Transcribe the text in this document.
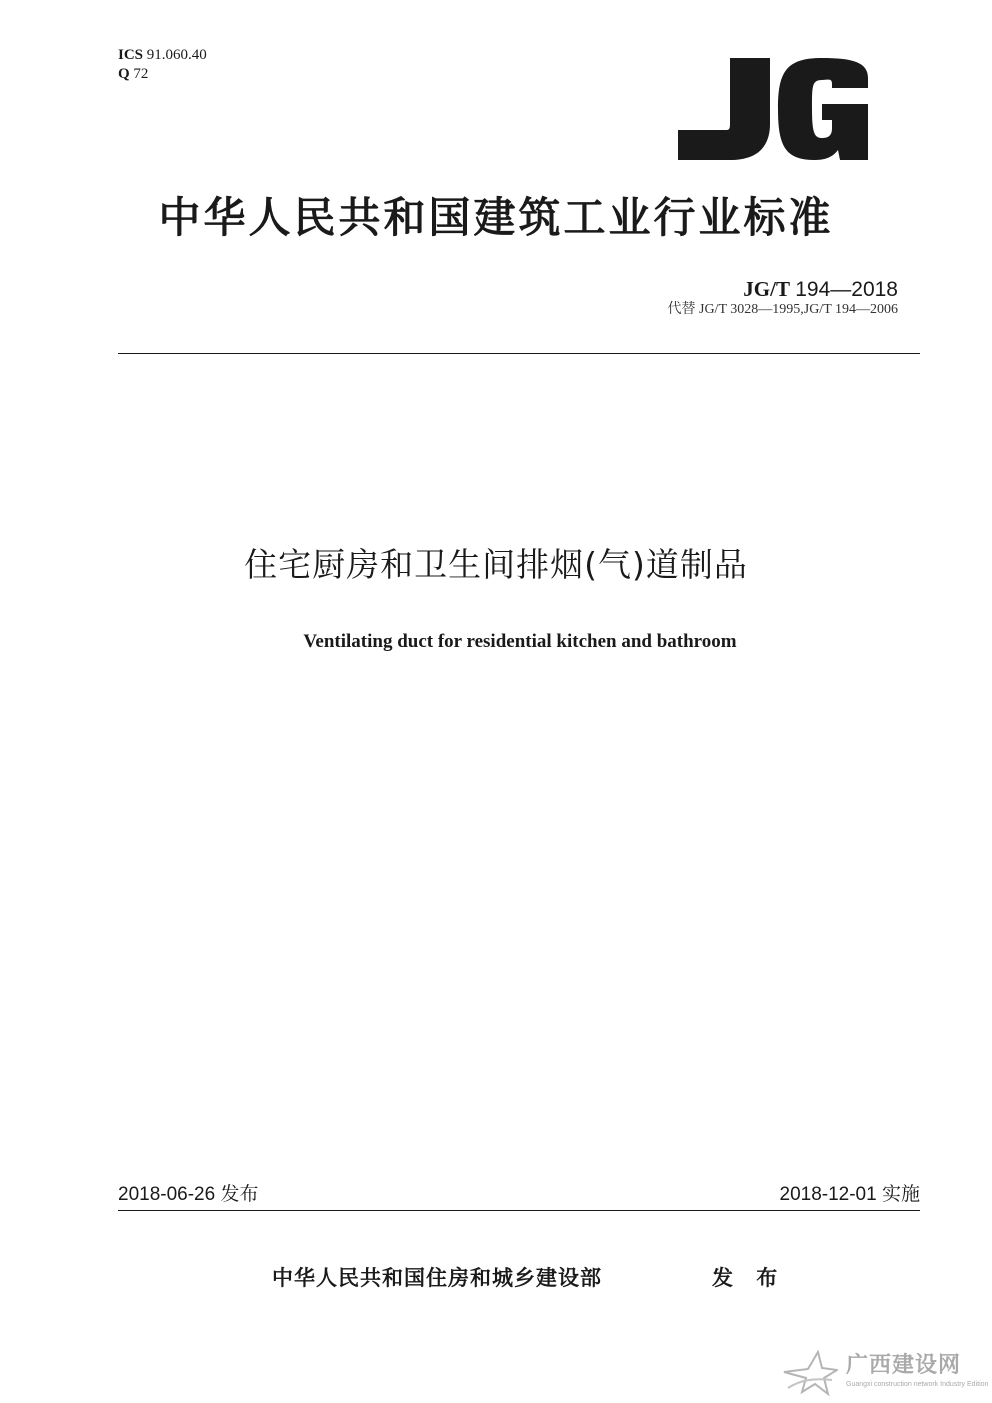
ICS 91.060.40
Q 72
中华人民共和国建筑工业行业标准
JG/T 194—2018
代替 JG/T 3028—1995,JG/T 194—2006
住宅厨房和卫生间排烟(气)道制品
Ventilating duct for residential kitchen and bathroom
2018-06-26 发布	2018-12-01 实施
中华人民共和国住房和城乡建设部	发 布
广西建设网
Guangxi construction network Industry Edition
